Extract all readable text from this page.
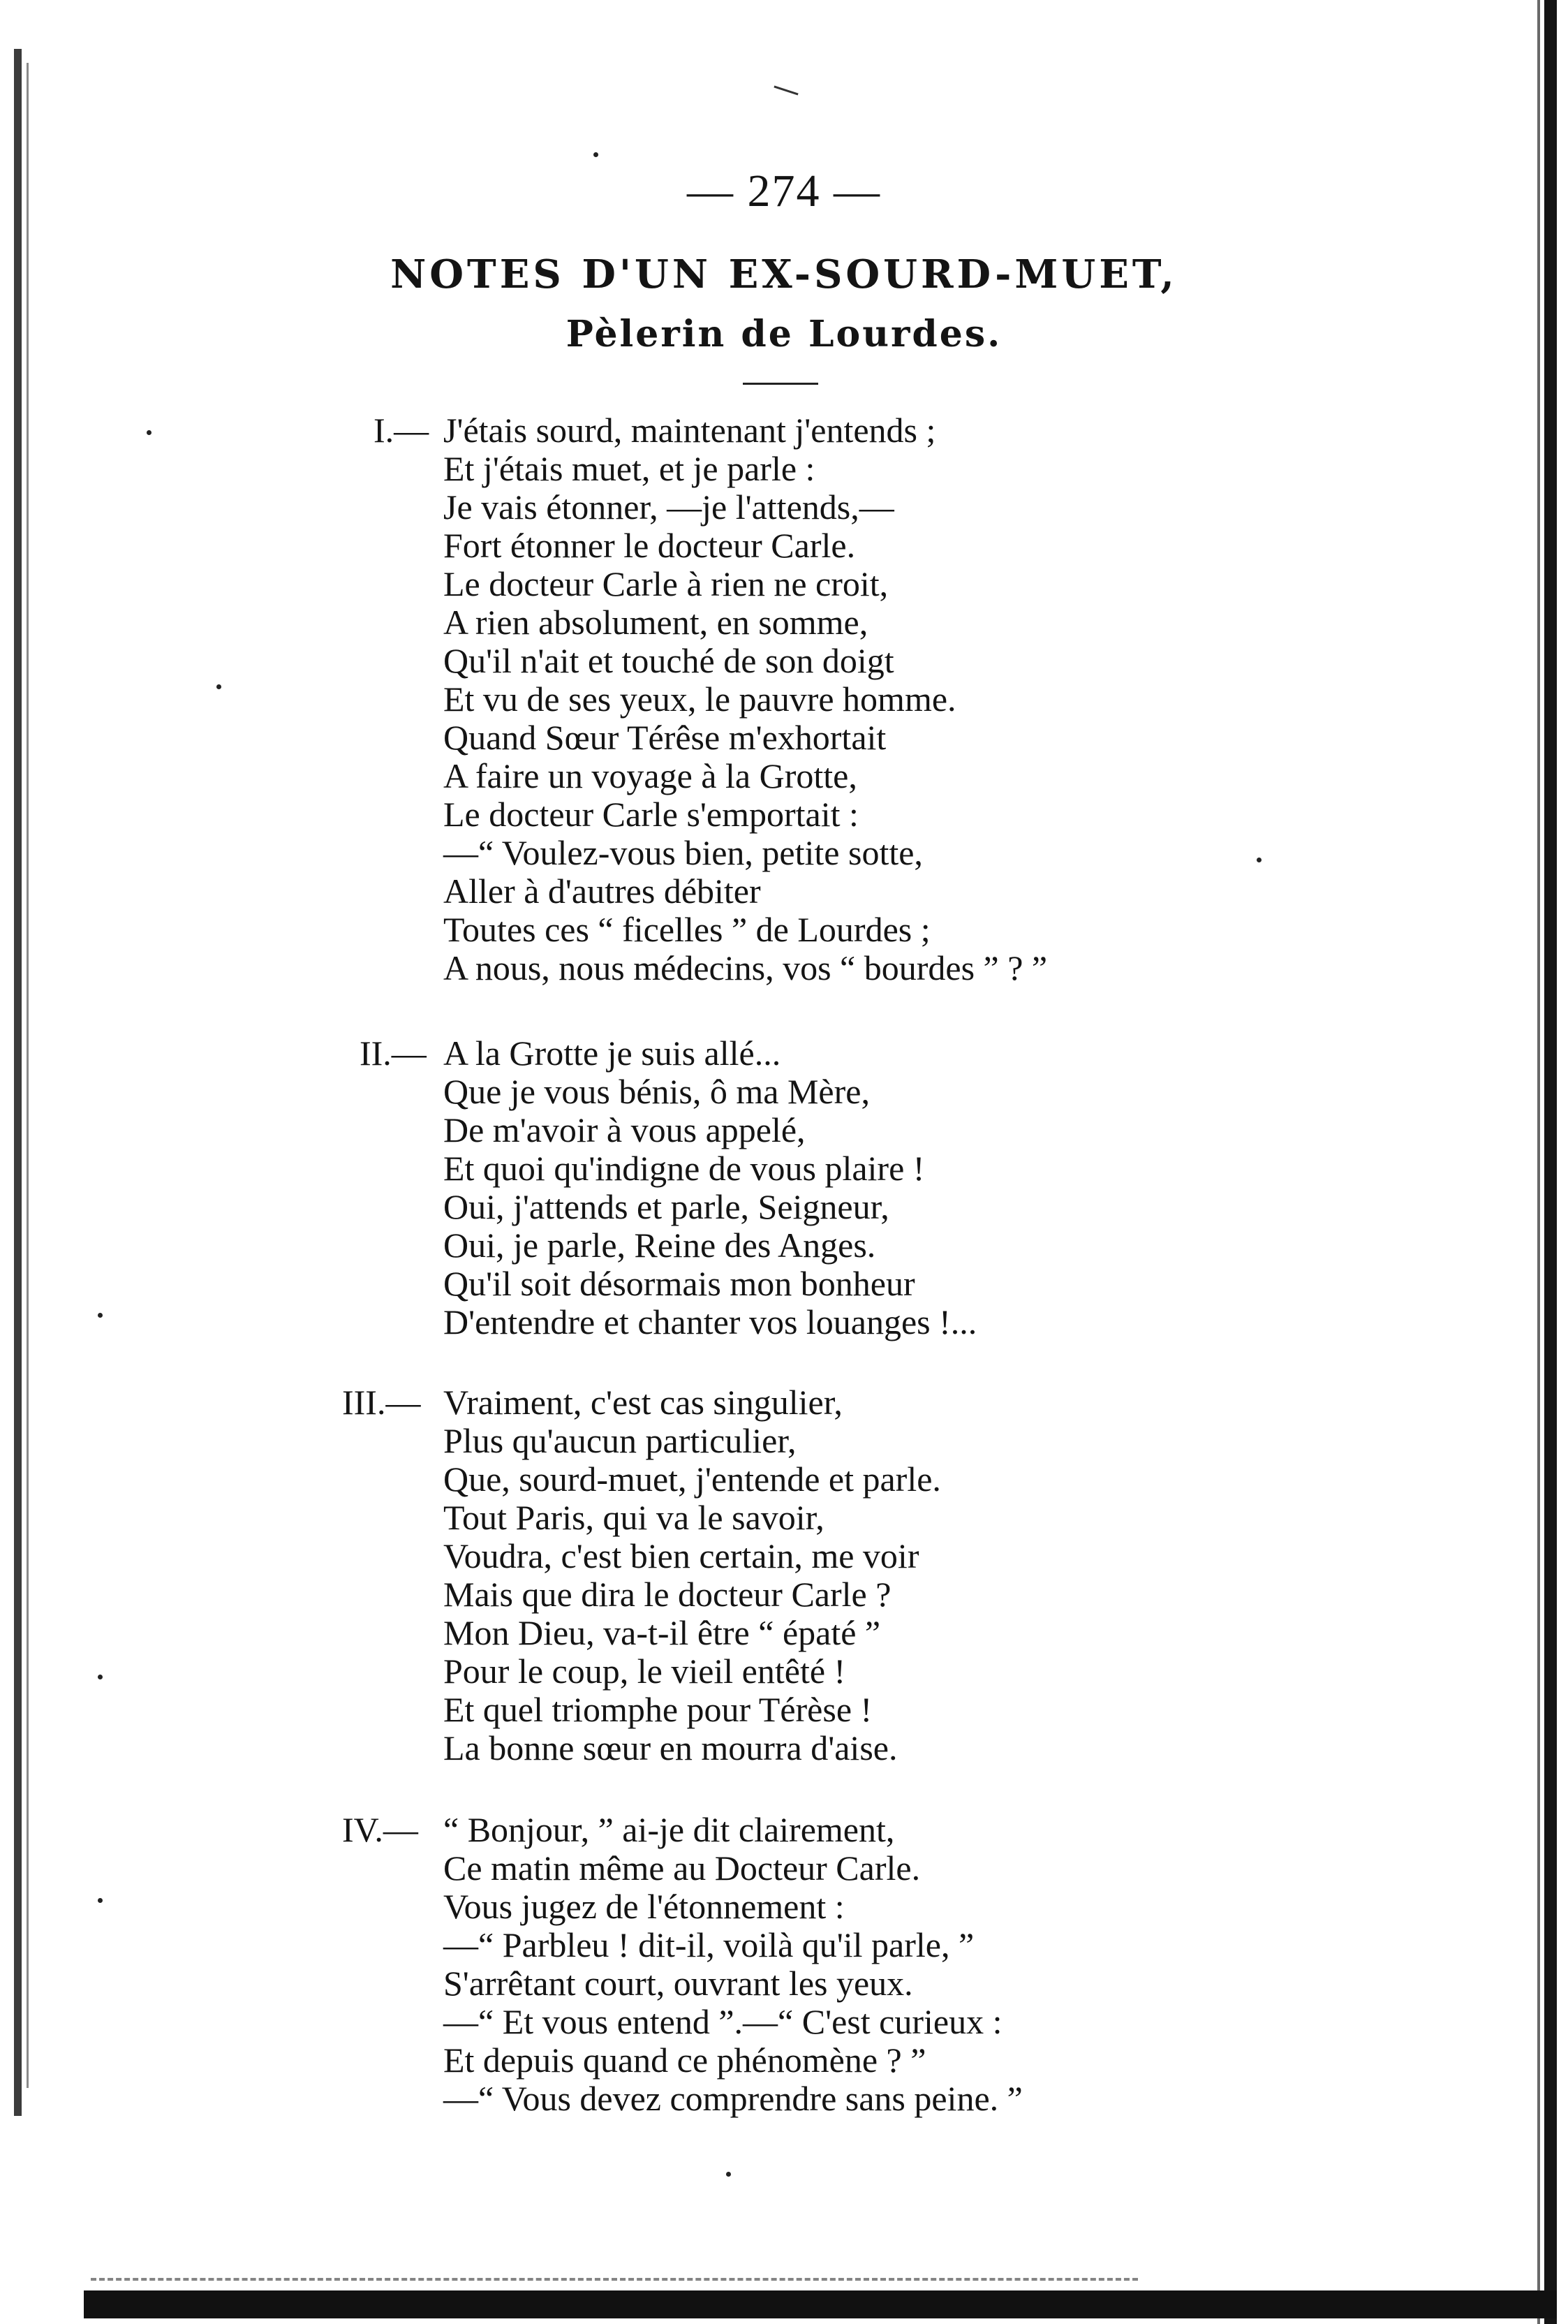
— 274 —
NOTES D'UN EX-SOURD-MUET,
Pèlerin de Lourdes.
I.— J'étais sourd, maintenant j'entends ;
Et j'étais muet, et je parle :
Je vais étonner, —je l'attends,—
Fort étonner le docteur Carle.
Le docteur Carle à rien ne croit,
A rien absolument, en somme,
Qu'il n'ait et touché de son doigt
Et vu de ses yeux, le pauvre homme.
Quand Sœur Térêse m'exhortait
A faire un voyage à la Grotte,
Le docteur Carle s'emportait :
—“ Voulez-vous bien, petite sotte,
Aller à d'autres débiter
Toutes ces “ ficelles ” de Lourdes ;
A nous, nous médecins, vos “ bourdes ” ? ”
II.— A la Grotte je suis allé...
Que je vous bénis, ô ma Mère,
De m'avoir à vous appelé,
Et quoi qu'indigne de vous plaire !
Oui, j'attends et parle, Seigneur,
Oui, je parle, Reine des Anges.
Qu'il soit désormais mon bonheur
D'entendre et chanter vos louanges !...
III.— Vraiment, c'est cas singulier,
Plus qu'aucun particulier,
Que, sourd-muet, j'entende et parle.
Tout Paris, qui va le savoir,
Voudra, c'est bien certain, me voir
Mais que dira le docteur Carle ?
Mon Dieu, va-t-il être “ épaté ”
Pour le coup, le vieil entêté !
Et quel triomphe pour Térèse !
La bonne sœur en mourra d'aise.
IV.— “ Bonjour, ” ai-je dit clairement,
Ce matin même au Docteur Carle.
Vous jugez de l'étonnement :
—“ Parbleu ! dit-il, voilà qu'il parle, ”
S'arrêtant court, ouvrant les yeux.
—“ Et vous entend ”.—“ C'est curieux :
Et depuis quand ce phénomène ? ”
—“ Vous devez comprendre sans peine. ”
